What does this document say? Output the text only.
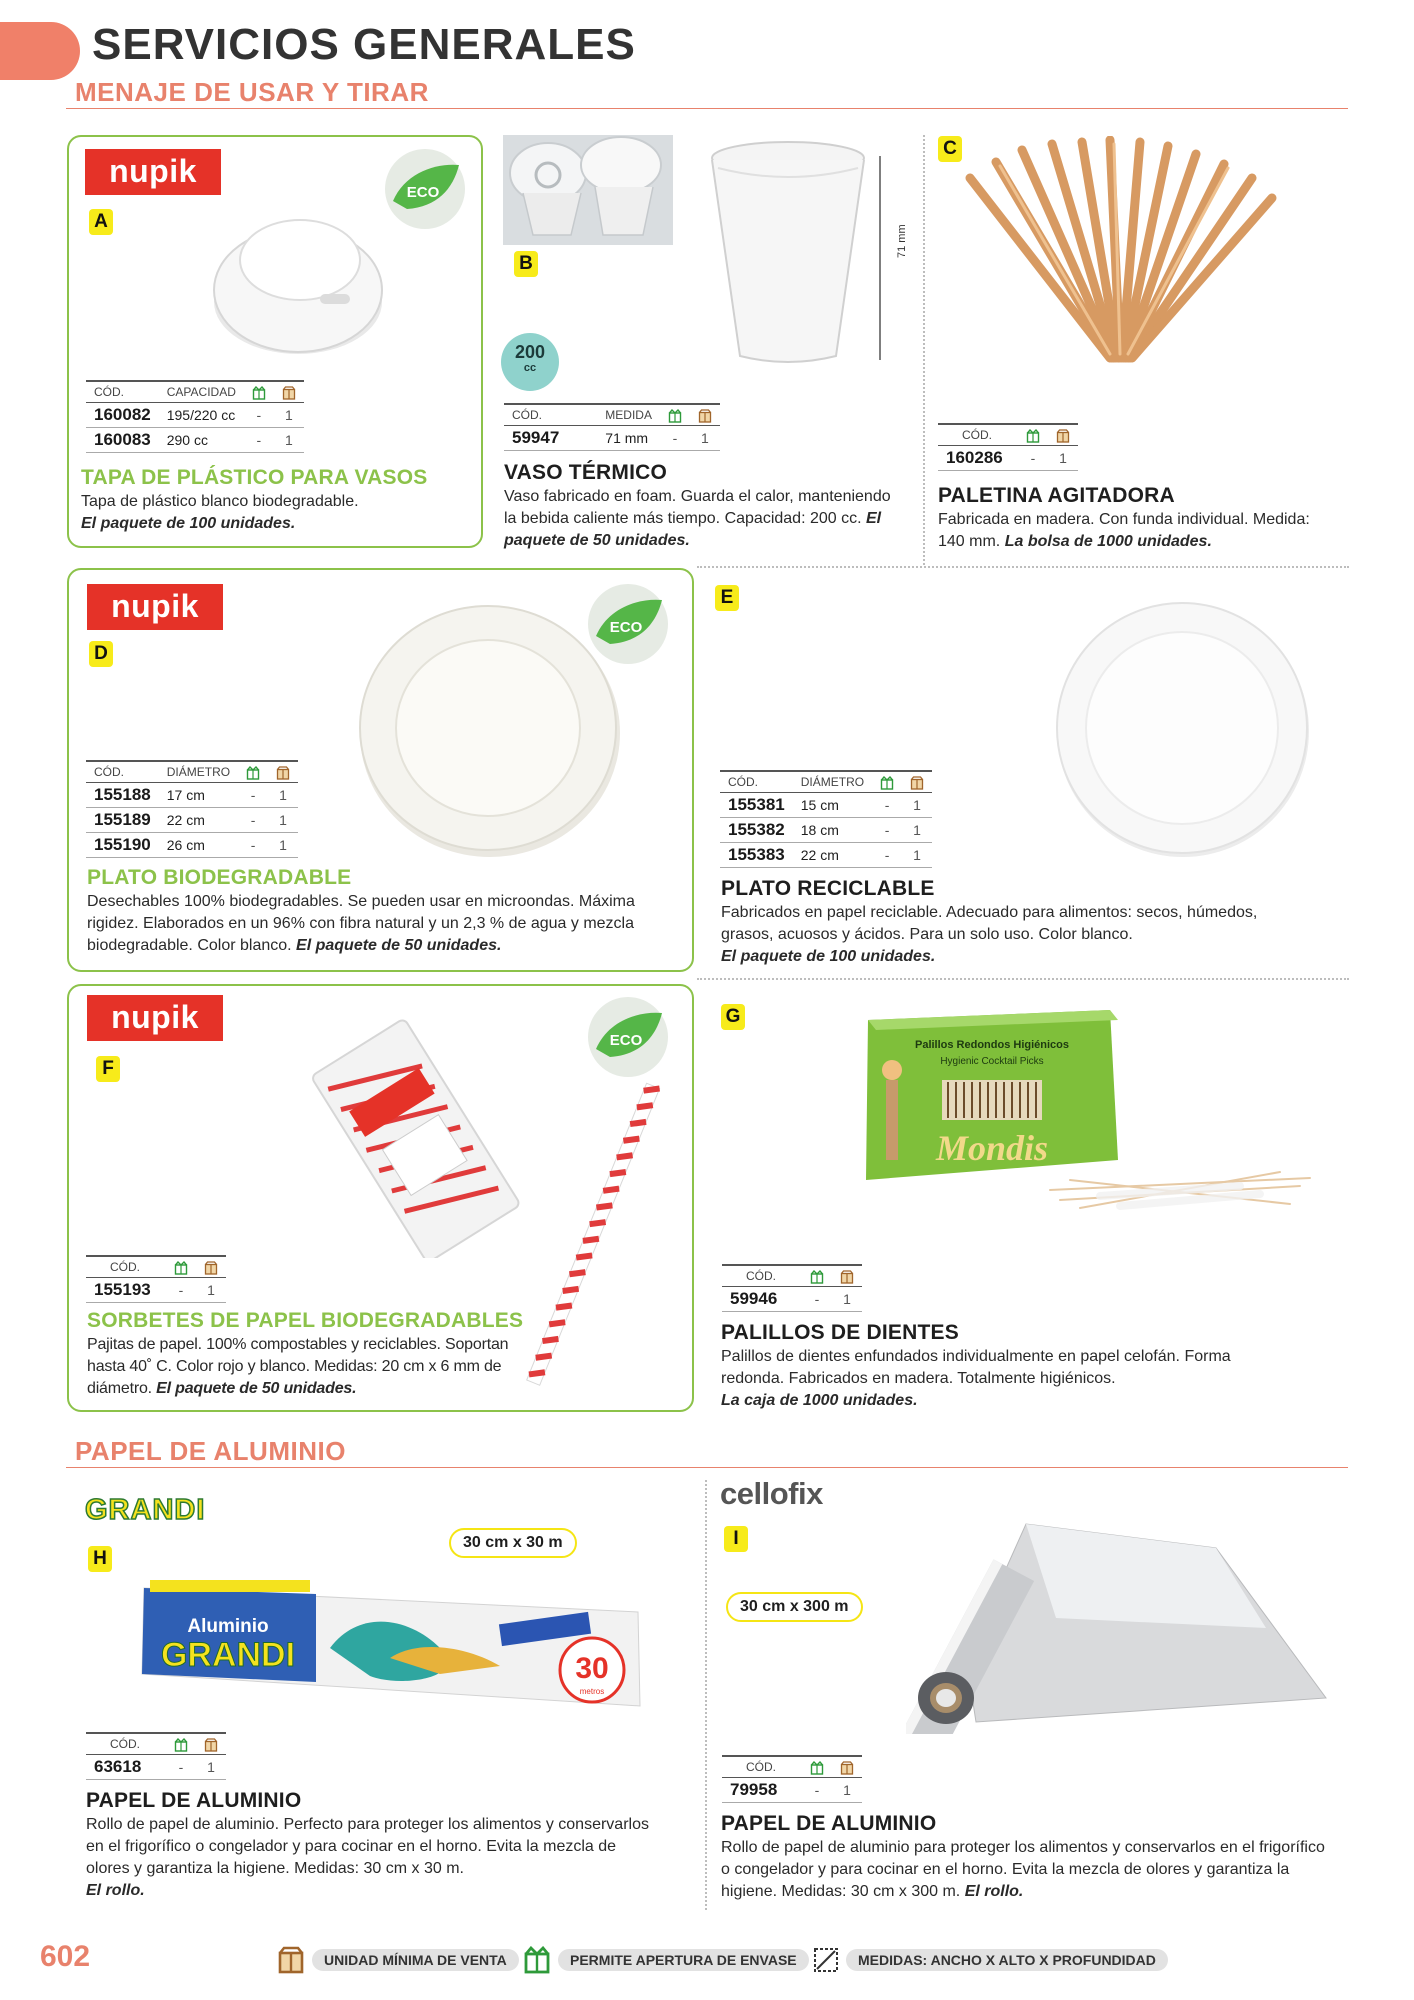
SERVICIOS GENERALES
MENAJE DE USAR Y TIRAR
nupik
A
ECO
CÓD.	CAPACIDAD		
160082	195/220 cc	-	1
160083	290 cc	-	1
TAPA DE PLÁSTICO PARA VASOS
Tapa de plástico blanco biodegradable.
El paquete de 100 unidades.
B
200
cc
71 mm
CÓD.	MEDIDA		
59947	71 mm	-	1
VASO TÉRMICO
Vaso fabricado en foam. Guarda el calor, manteniendo la bebida caliente más tiempo. Capacidad: 200 cc. El paquete de 50 unidades.
C
CÓD.		
160286	-	1
PALETINA AGITADORA
Fabricada en madera. Con funda individual. Medida: 140 mm. La bolsa de 1000 unidades.
nupik
D
ECO
CÓD.	DIÁMETRO		
155188	17 cm	-	1
155189	22 cm	-	1
155190	26 cm	-	1
PLATO BIODEGRADABLE
Desechables 100% biodegradables. Se pueden usar en microondas. Máxima rigidez. Elaborados en un 96% con fibra natural y un 2,3 % de agua y mezcla biodegradable. Color blanco. El paquete de 50 unidades.
E
CÓD.	DIÁMETRO		
155381	15 cm	-	1
155382	18 cm	-	1
155383	22 cm	-	1
PLATO RECICLABLE
Fabricados en papel reciclable. Adecuado para alimentos: secos, húmedos, grasos, acuosos y ácidos. Para un solo uso. Color blanco.
El paquete de 100 unidades.
nupik
F
ECO
CÓD.		
155193	-	1
SORBETES DE PAPEL BIODEGRADABLES
Pajitas de papel. 100% compostables y reciclables. Soportan hasta 40˚ C. Color rojo y blanco. Medidas: 20 cm x 6 mm de diámetro. El paquete de 50 unidades.
G
Palillos Redondos Higiénicos
Hygienic Cocktail Picks
Mondis
CÓD.		
59946	-	1
PALILLOS DE DIENTES
Palillos de dientes enfundados individualmente en papel celofán. Forma redonda. Fabricados en madera. Totalmente higiénicos.
La caja de 1000 unidades.
PAPEL DE ALUMINIO
GRANDI
H
30 cm x 30 m
Aluminio
GRANDI	30
metros
CÓD.		
63618	-	1
PAPEL DE ALUMINIO
Rollo de papel de aluminio. Perfecto para proteger los alimentos y conservarlos en el frigorífico o congelador y para cocinar en el horno. Evita la mezcla de olores y garantiza la higiene. Medidas: 30 cm x 30 m.
El rollo.
cellofix
I
30 cm x 300 m
CÓD.		
79958	-	1
PAPEL DE ALUMINIO
Rollo de papel de aluminio para proteger los alimentos y conservarlos en el frigorífico o congelador y para cocinar en el horno. Evita la mezcla de olores y garantiza la higiene. Medidas: 30 cm x 300 m. El rollo.
602	UNIDAD MÍNIMA DE VENTA	PERMITE APERTURA DE ENVASE	MEDIDAS: ANCHO X ALTO X PROFUNDIDAD
